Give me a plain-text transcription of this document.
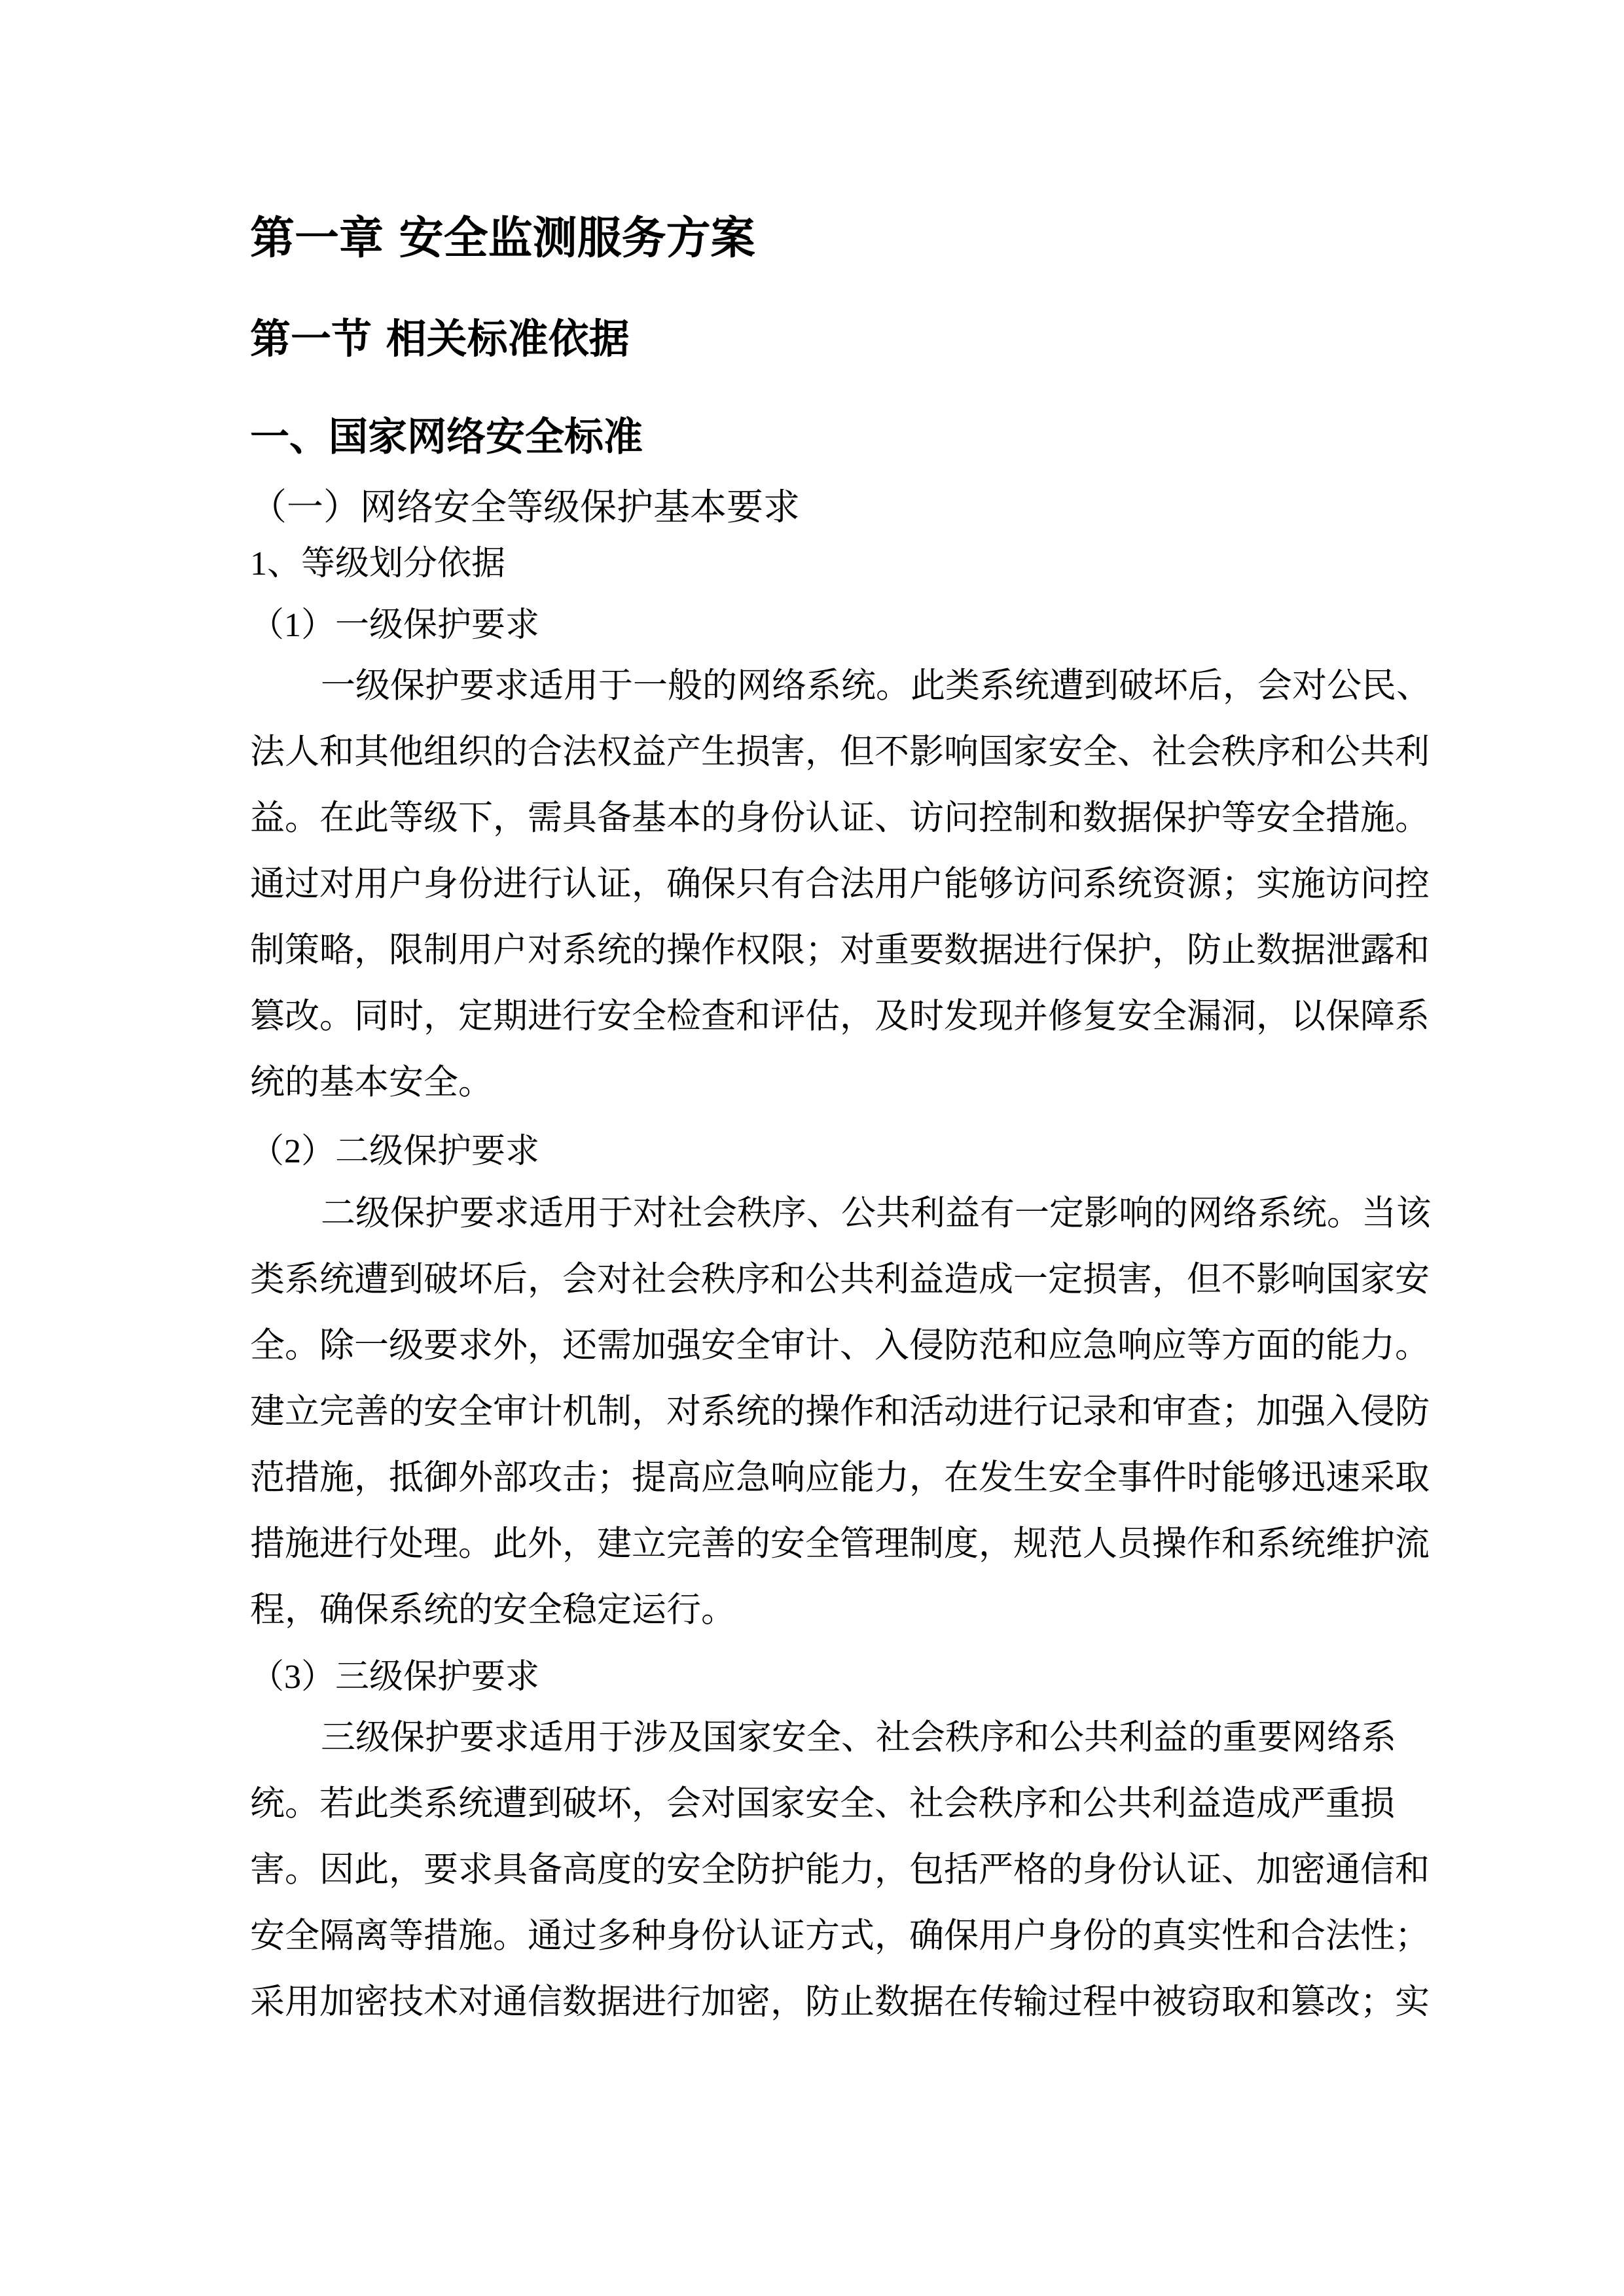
第一章 安全监测服务方案
第一节 相关标准依据
一、国家网络安全标准
（一）网络安全等级保护基本要求
1、等级划分依据
（1）一级保护要求
一级保护要求适用于一般的网络系统。此类系统遭到破坏后，会对公民、
法人和其他组织的合法权益产生损害，但不影响国家安全、社会秩序和公共利
益。在此等级下，需具备基本的身份认证、访问控制和数据保护等安全措施。
通过对用户身份进行认证，确保只有合法用户能够访问系统资源；实施访问控
制策略，限制用户对系统的操作权限；对重要数据进行保护，防止数据泄露和
篡改。同时，定期进行安全检查和评估，及时发现并修复安全漏洞，以保障系
统的基本安全。
（2）二级保护要求
二级保护要求适用于对社会秩序、公共利益有一定影响的网络系统。当该
类系统遭到破坏后，会对社会秩序和公共利益造成一定损害，但不影响国家安
全。除一级要求外，还需加强安全审计、入侵防范和应急响应等方面的能力。
建立完善的安全审计机制，对系统的操作和活动进行记录和审查；加强入侵防
范措施，抵御外部攻击；提高应急响应能力，在发生安全事件时能够迅速采取
措施进行处理。此外，建立完善的安全管理制度，规范人员操作和系统维护流
程，确保系统的安全稳定运行。
（3）三级保护要求
三级保护要求适用于涉及国家安全、社会秩序和公共利益的重要网络系
统。若此类系统遭到破坏，会对国家安全、社会秩序和公共利益造成严重损
害。因此，要求具备高度的安全防护能力，包括严格的身份认证、加密通信和
安全隔离等措施。通过多种身份认证方式，确保用户身份的真实性和合法性；
采用加密技术对通信数据进行加密，防止数据在传输过程中被窃取和篡改；实
